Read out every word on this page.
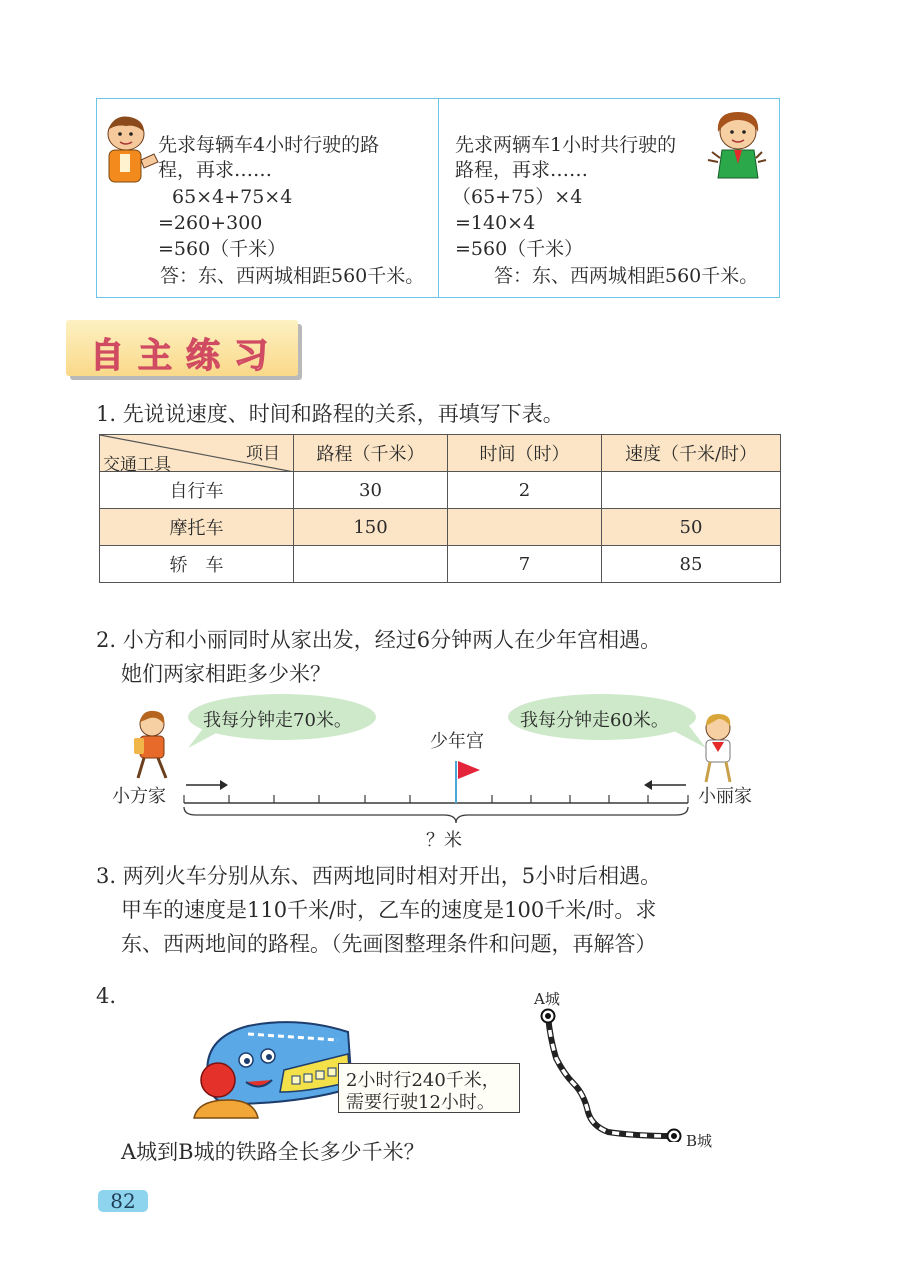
先求每辆车4小时行驶的路
程，再求……
65×4+75×4
=260+300
=560（千米）
答：东、西两城相距560千米。
先求两辆车1小时共行驶的
路程，再求……
（65+75）×4
=140×4
=560（千米）
答：东、西两城相距560千米。
自主练习
1. 先说说速度、时间和路程的关系，再填写下表。
项目
交通工具	路程（千米）	时间（时）	速度（千米/时）
自行车	30	2	
摩托车	150		50
轿　车		7	85
2. 小方和小丽同时从家出发，经过6分钟两人在少年宫相遇。
她们两家相距多少米？
我每分钟走70米。	我每分钟走60米。
少年宫
小方家	小丽家
？米
3. 两列火车分别从东、西两地同时相对开出，5小时后相遇。
甲车的速度是110千米/时，乙车的速度是100千米/时。求
东、西两地间的路程。（先画图整理条件和问题，再解答）
4.
2小时行240千米，
需要行驶12小时。
A城
B城
A城到B城的铁路全长多少千米？
82
